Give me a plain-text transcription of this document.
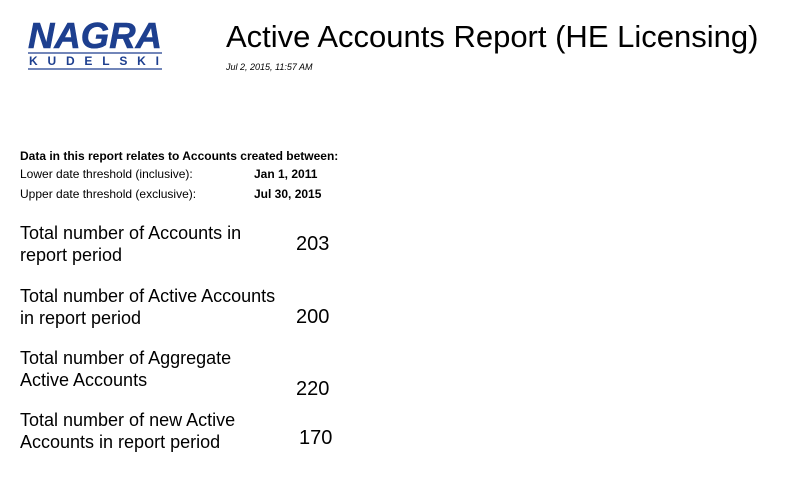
NAGRA
KUDELSKI
Active Accounts Report (HE Licensing)
Jul 2, 2015, 11:57 AM
Data in this report relates to Accounts created between:
Lower date threshold (inclusive):	Jan 1, 2011
Upper date threshold (exclusive):	Jul 30, 2015
Total number of Accounts in report period	203
Total number of Active Accounts in report period	200
Total number of Aggregate Active Accounts	220
Total number of new Active Accounts in report period	170
